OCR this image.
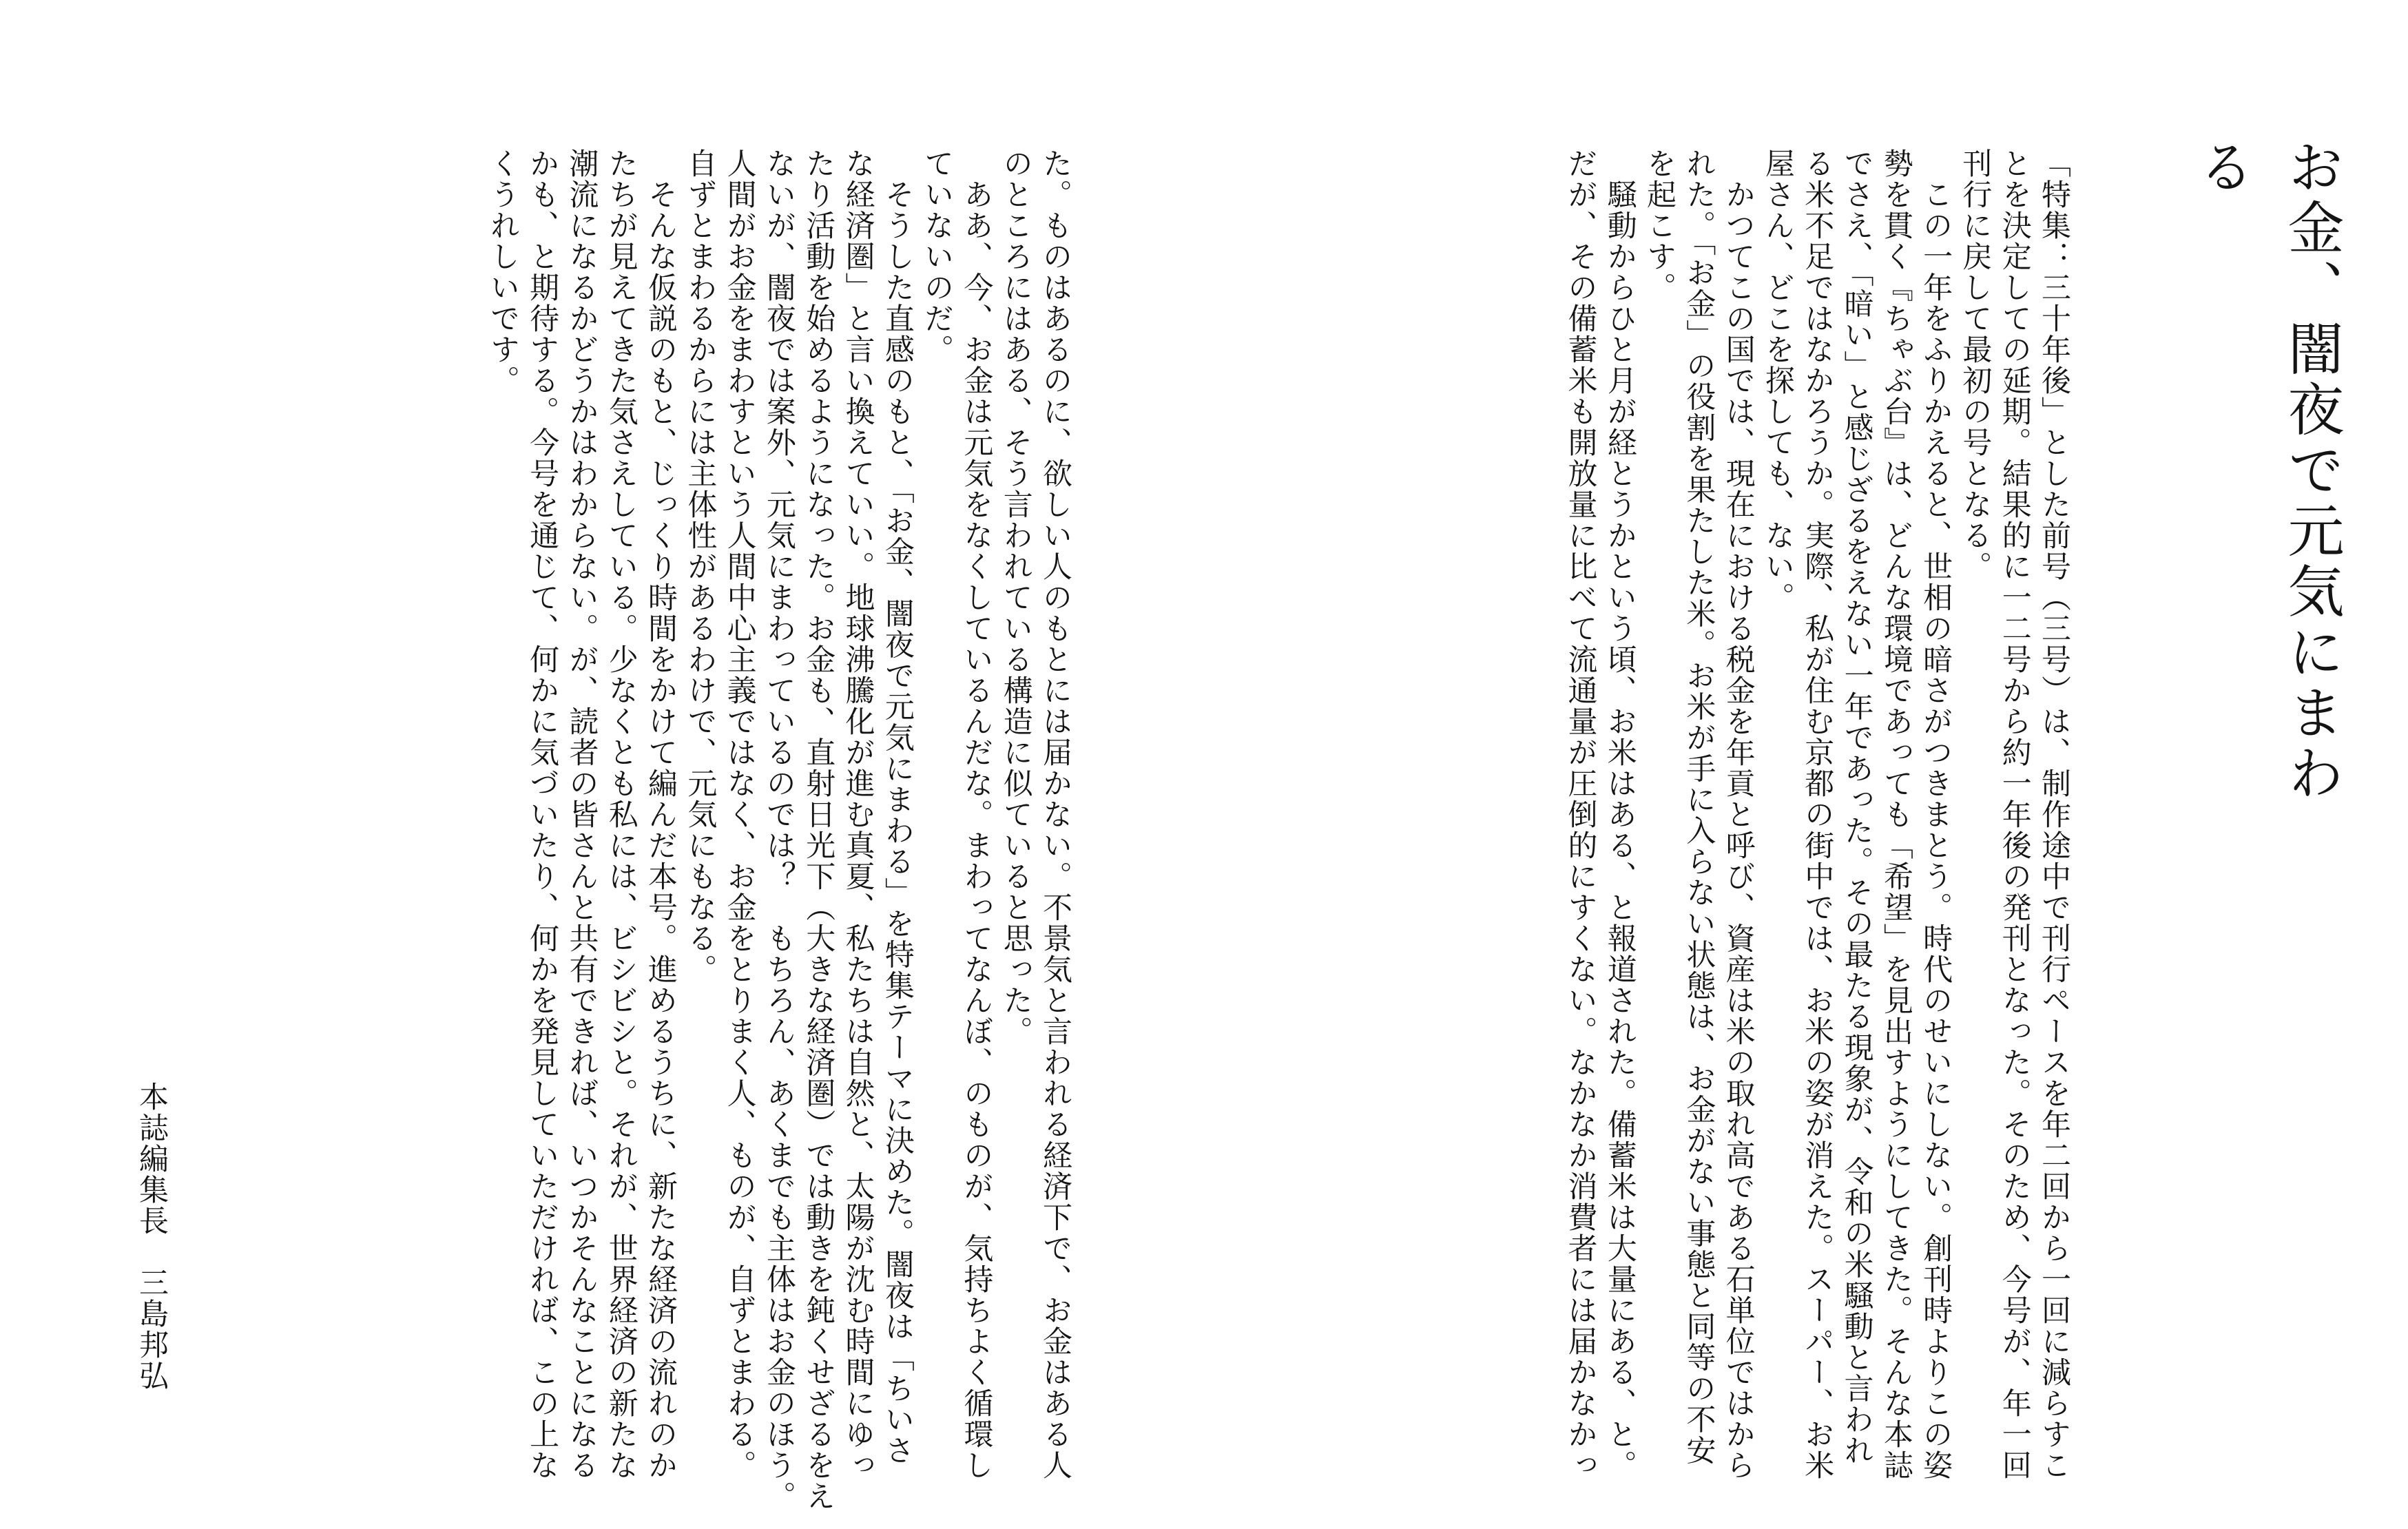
お金、闇夜で元気にまわる

「特集：三十年後」とした前号（三号）は、制作途中で刊行ペースを年二回から一回に減らすこ

とを決定しての延期。結果的に一二号から約一年後の発刊となった。そのため、今号が、年一回

刊行に戻して最初の号となる。

　この一年をふりかえると、世相の暗さがつきまとう。時代のせいにしない。創刊時よりこの姿

勢を貫く『ちゃぶ台』は、どんな環境であっても「希望」を見出すようにしてきた。そんな本誌

でさえ、「暗い」と感じざるをえない一年であった。その最たる現象が、令和の米騒動と言われ

る米不足ではなかろうか。実際、私が住む京都の街中では、お米の姿が消えた。スーパー、お米

屋さん、どこを探しても、ない。

　かつてこの国では、現在における税金を年貢と呼び、資産は米の取れ高である石単位ではから

れた。「お金」の役割を果たした米。お米が手に入らない状態は、お金がない事態と同等の不安

を起こす。

　騒動からひと月が経とうかという頃、お米はある、と報道された。備蓄米は大量にある、と。

だが、その備蓄米も開放量に比べて流通量が圧倒的にすくない。なかなか消費者には届かなかっ

た。ものはあるのに、欲しい人のもとには届かない。不景気と言われる経済下で、お金はある人

のところにはある、そう言われている構造に似ていると思った。

　ああ、今、お金は元気をなくしているんだな。まわってなんぼ、のものが、気持ちよく循環し

ていないのだ。

　そうした直感のもと、「お金、闇夜で元気にまわる」を特集テーマに決めた。闇夜は「ちいさ

な経済圏」と言い換えていい。地球沸騰化が進む真夏、私たちは自然と、太陽が沈む時間にゆっ

たり活動を始めるようになった。お金も、直射日光下（大きな経済圏）では動きを鈍くせざるをえ

ないが、闇夜では案外、元気にまわっているのでは？　もちろん、あくまでも主体はお金のほう。

人間がお金をまわすという人間中心主義ではなく、お金をとりまく人、ものが、自ずとまわる。

自ずとまわるからには主体性があるわけで、元気にもなる。

　そんな仮説のもと、じっくり時間をかけて編んだ本号。進めるうちに、新たな経済の流れのか

たちが見えてきた気さえしている。少なくとも私には、ビシビシと。それが、世界経済の新たな

潮流になるかどうかはわからない。が、読者の皆さんと共有できれば、いつかそんなことになる

かも、と期待する。今号を通じて、何かに気づいたり、何かを発見していただければ、この上な

くうれしいです。

本誌編集長　三島邦弘
